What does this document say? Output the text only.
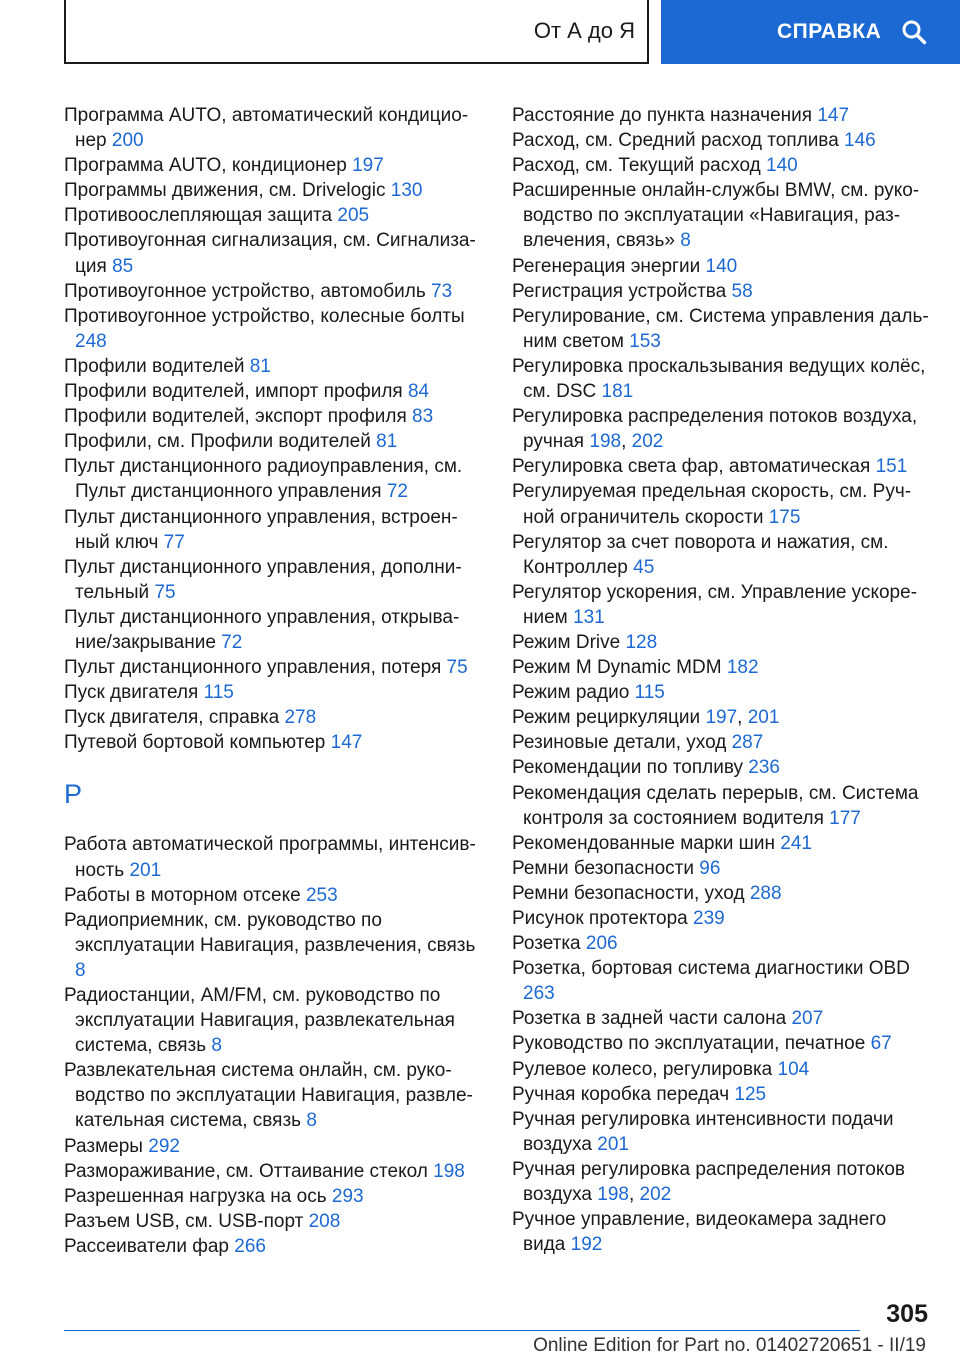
От А до Я	СПРАВКА

Программа AUTO, автоматический кондиционер 200

Программа AUTO, кондиционер 197

Программы движения, см. Drivelogic 130

Противоослепляющая защита 205

Противоугонная сигнализация, см. Сигнализация 85

Противоугонное устройство, автомобиль 73

Противоугонное устройство, колесные болты 248

Профили водителей 81

Профили водителей, импорт профиля 84

Профили водителей, экспорт профиля 83

Профили, см. Профили водителей 81

Пульт дистанционного радиоуправления, см. Пульт дистанционного управления 72

Пульт дистанционного управления, встроенный ключ 77

Пульт дистанционного управления, дополнительный 75

Пульт дистанционного управления, открывание/закрывание 72

Пульт дистанционного управления, потеря 75

Пуск двигателя 115

Пуск двигателя, справка 278

Путевой бортовой компьютер 147

Р

Работа автоматической программы, интенсивность 201

Работы в моторном отсеке 253

Радиоприемник, см. руководство по эксплуатации Навигация, развлечения, связь 8

Радиостанции, AM/FM, см. руководство по эксплуатации Навигация, развлекательная система, связь 8

Развлекательная система онлайн, см. руководство по эксплуатации Навигация, развлекательная система, связь 8

Размеры 292

Размораживание, см. Оттаивание стекол 198

Разрешенная нагрузка на ось 293

Разъем USB, см. USB-порт 208

Рассеиватели фар 266

Расстояние до пункта назначения 147

Расход, см. Средний расход топлива 146

Расход, см. Текущий расход 140

Расширенные онлайн-службы BMW, см. руководство по эксплуатации «Навигация, развлечения, связь» 8

Регенерация энергии 140

Регистрация устройства 58

Регулирование, см. Система управления дальним светом 153

Регулировка проскальзывания ведущих колёс, см. DSC 181

Регулировка распределения потоков воздуха, ручная 198, 202

Регулировка света фар, автоматическая 151

Регулируемая предельная скорость, см. Ручной ограничитель скорости 175

Регулятор за счет поворота и нажатия, см. Контроллер 45

Регулятор ускорения, см. Управление ускорением 131

Режим Drive 128

Режим M Dynamic MDM 182

Режим радио 115

Режим рециркуляции 197, 201

Резиновые детали, уход 287

Рекомендации по топливу 236

Рекомендация сделать перерыв, см. Система контроля за состоянием водителя 177

Рекомендованные марки шин 241

Ремни безопасности 96

Ремни безопасности, уход 288

Рисунок протектора 239

Розетка 206

Розетка, бортовая система диагностики OBD 263

Розетка в задней части салона 207

Руководство по эксплуатации, печатное 67

Рулевое колесо, регулировка 104

Ручная коробка передач 125

Ручная регулировка интенсивности подачи воздуха 201

Ручная регулировка распределения потоков воздуха 198, 202

Ручное управление, видеокамера заднего вида 192

305
Online Edition for Part no. 01402720651 - II/19
